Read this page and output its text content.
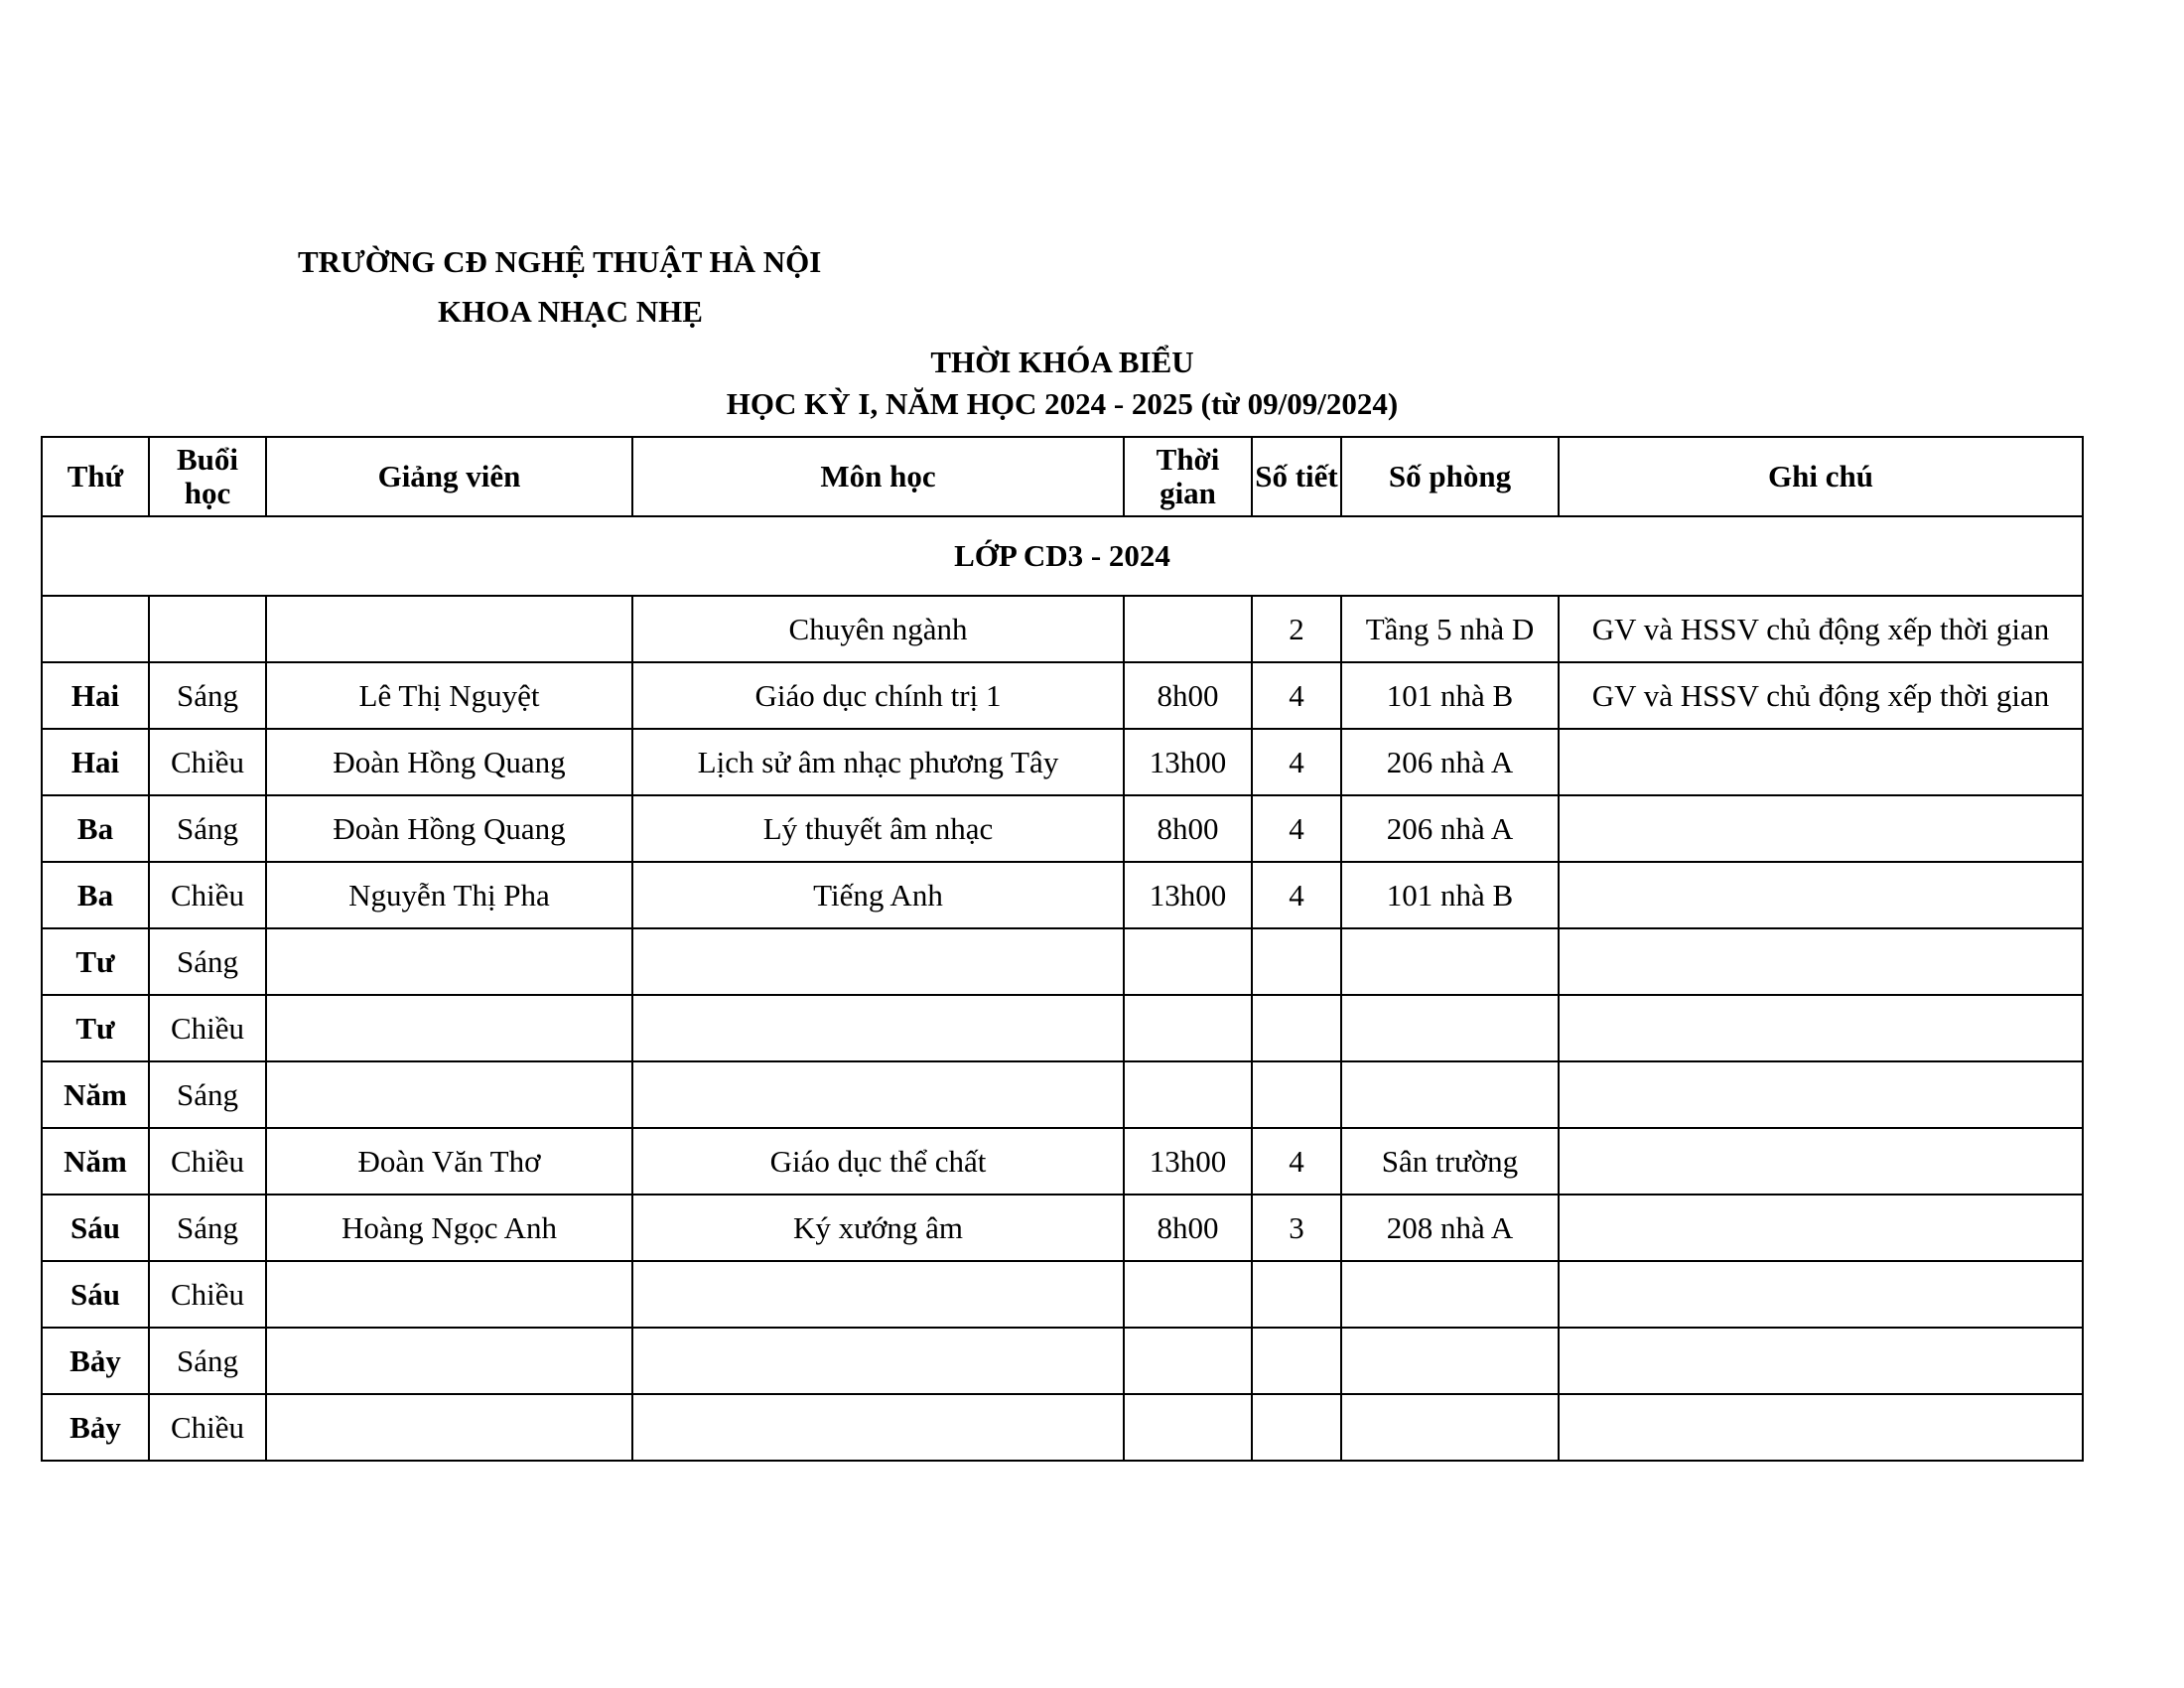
TRƯỜNG CĐ NGHỆ THUẬT HÀ NỘI
KHOA NHẠC NHẸ
THỜI KHÓA BIỂU
HỌC KỲ I, NĂM HỌC 2024 - 2025 (từ 09/09/2024)
Thứ	Buổi học	Giảng viên	Môn học	Thời gian	Số tiết	Số phòng	Ghi chú
LỚP CD3 - 2024							
			Chuyên ngành		2	Tầng 5 nhà D	GV và HSSV chủ động xếp thời gian
Hai	Sáng	Lê Thị Nguyệt	Giáo dục chính trị 1	8h00	4	101 nhà B	GV và HSSV chủ động xếp thời gian
Hai	Chiều	Đoàn Hồng Quang	Lịch sử âm nhạc phương Tây	13h00	4	206 nhà A	
Ba	Sáng	Đoàn Hồng Quang	Lý thuyết âm nhạc	8h00	4	206 nhà A	
Ba	Chiều	Nguyễn Thị Pha	Tiếng Anh	13h00	4	101 nhà B	
Tư	Sáng						
Tư	Chiều						
Năm	Sáng						
Năm	Chiều	Đoàn Văn Thơ	Giáo dục thể chất	13h00	4	Sân trường	
Sáu	Sáng	Hoàng Ngọc Anh	Ký xướng âm	8h00	3	208 nhà A	
Sáu	Chiều						
Bảy	Sáng						
Bảy	Chiều						
